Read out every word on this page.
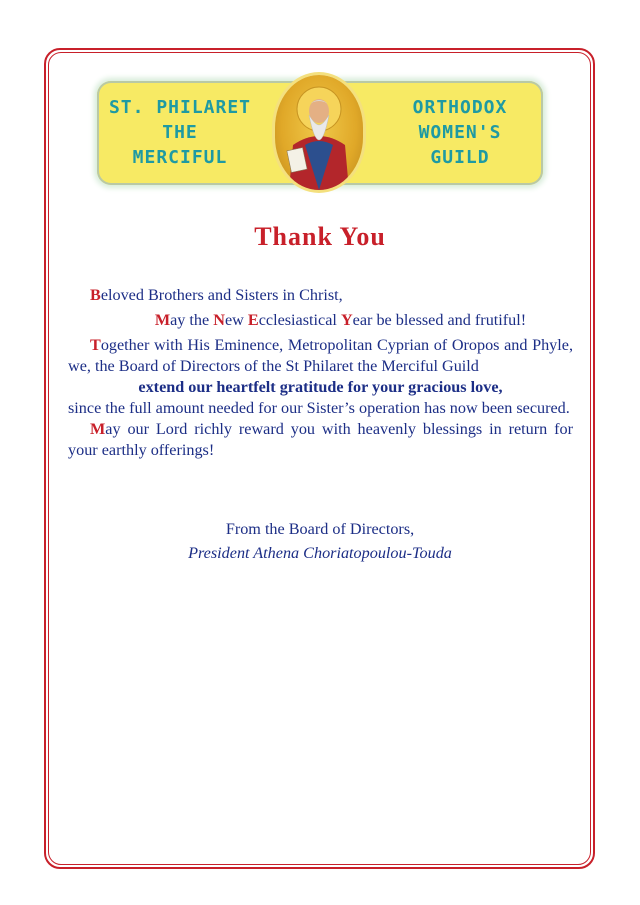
ST. PHILARET
THE
MERCIFUL
ORTHODOX
WOMEN'S
GUILD
Thank You

Beloved Brothers and Sisters in Christ,

May the New Ecclesiastical Year be blessed and frutiful!

Together with His Eminence, Metropolitan Cyprian of Oropos and Phyle, we, the Board of Directors of the St Philaret the Merciful Guild

extend our heartfelt gratitude for your gracious love,

since the full amount needed for our Sister’s operation has now been secured.

May our Lord richly reward you with heavenly blessings in return for your earthly offerings!

From the Board of Directors,
President Athena Choriatopoulou-Touda
